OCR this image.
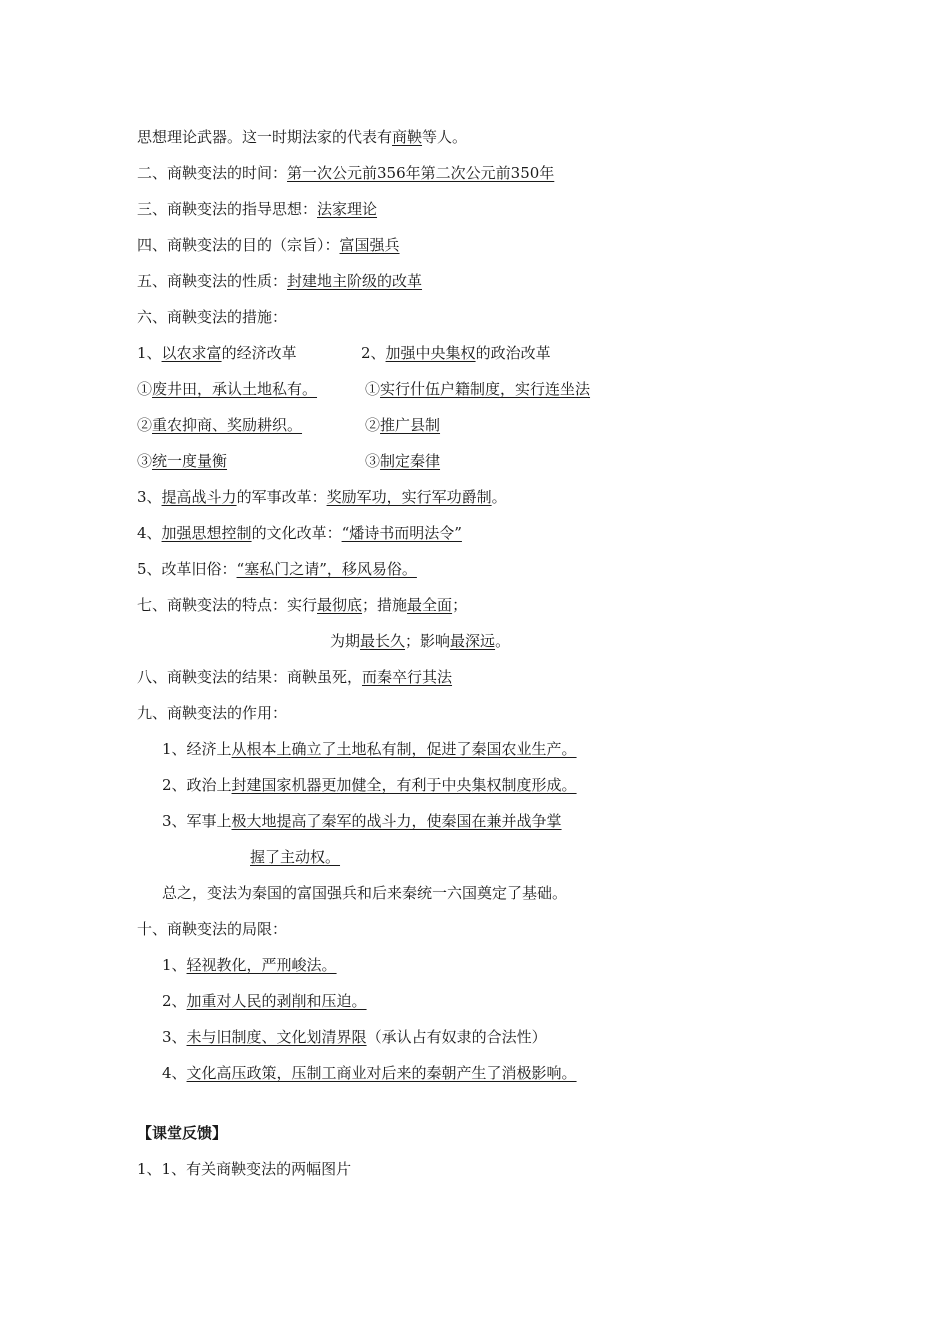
思想理论武器。这一时期法家的代表有商鞅等人。
二、商鞅变法的时间：第一次公元前356年第二次公元前350年
三、商鞅变法的指导思想：法家理论
四、商鞅变法的目的（宗旨）：富国强兵
五、商鞅变法的性质：封建地主阶级的改革
六、商鞅变法的措施：
1、以农求富的经济改革	2、加强中央集权的政治改革
①废井田，承认土地私有。	①实行什伍户籍制度，实行连坐法
②重农抑商、奖励耕织。	②推广县制
③统一度量衡	③制定秦律
3、提高战斗力的军事改革：奖励军功，实行军功爵制。
4、加强思想控制的文化改革：“燔诗书而明法令”
5、改革旧俗：“塞私门之请”，移风易俗。
七、商鞅变法的特点：实行最彻底；措施最全面；
为期最长久；影响最深远。
八、商鞅变法的结果：商鞅虽死，而秦卒行其法
九、商鞅变法的作用：
1、经济上从根本上确立了土地私有制，促进了秦国农业生产。
2、政治上封建国家机器更加健全，有利于中央集权制度形成。
3、军事上极大地提高了秦军的战斗力，使秦国在兼并战争掌
握了主动权。
总之，变法为秦国的富国强兵和后来秦统一六国奠定了基础。
十、商鞅变法的局限：
1、轻视教化，严刑峻法。
2、加重对人民的剥削和压迫。
3、未与旧制度、文化划清界限（承认占有奴隶的合法性）
4、文化高压政策，压制工商业对后来的秦朝产生了消极影响。
【课堂反馈】
1、1、有关商鞅变法的两幅图片
